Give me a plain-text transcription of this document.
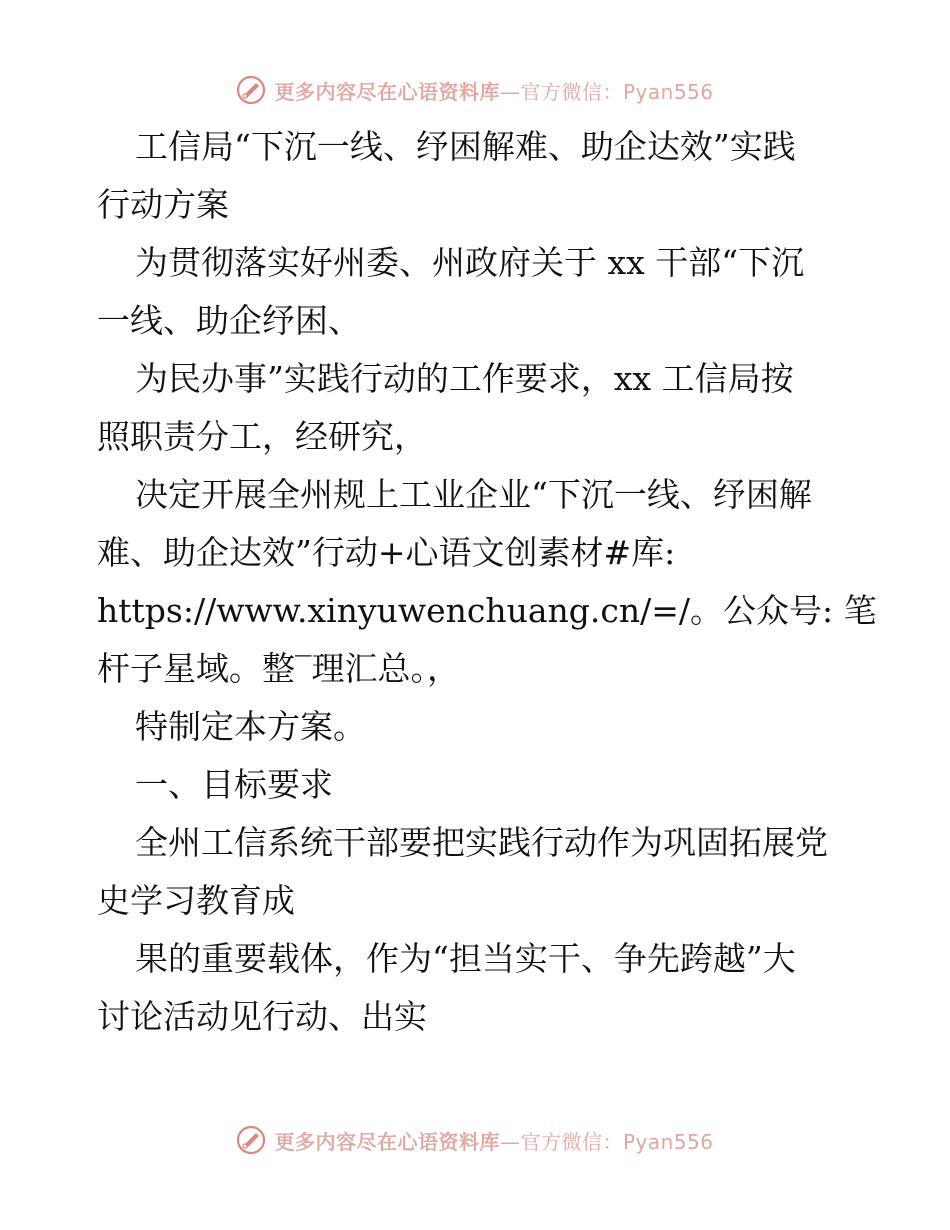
更多内容尽在心语资料库—官方微信：Pyan556
工信局“下沉一线、纾困解难、助企达效”实践
行动方案
为贯彻落实好州委、州政府关于 xx 干部“下沉
一线、助企纾困、
为民办事”实践行动的工作要求，xx 工信局按
照职责分工，经研究，
决定开展全州规上工业企业“下沉一线、纾困解
难、助企达效”行动+心语文创素材#库:
https://www.xinyuwenchuang.cn/=/。公众号: 笔
杆子星域。整‾理汇总。，
特制定本方案。
一、目标要求
全州工信系统干部要把实践行动作为巩固拓展党
史学习教育成
果的重要载体，作为“担当实干、争先跨越”大
讨论活动见行动、出实
更多内容尽在心语资料库—官方微信：Pyan556
